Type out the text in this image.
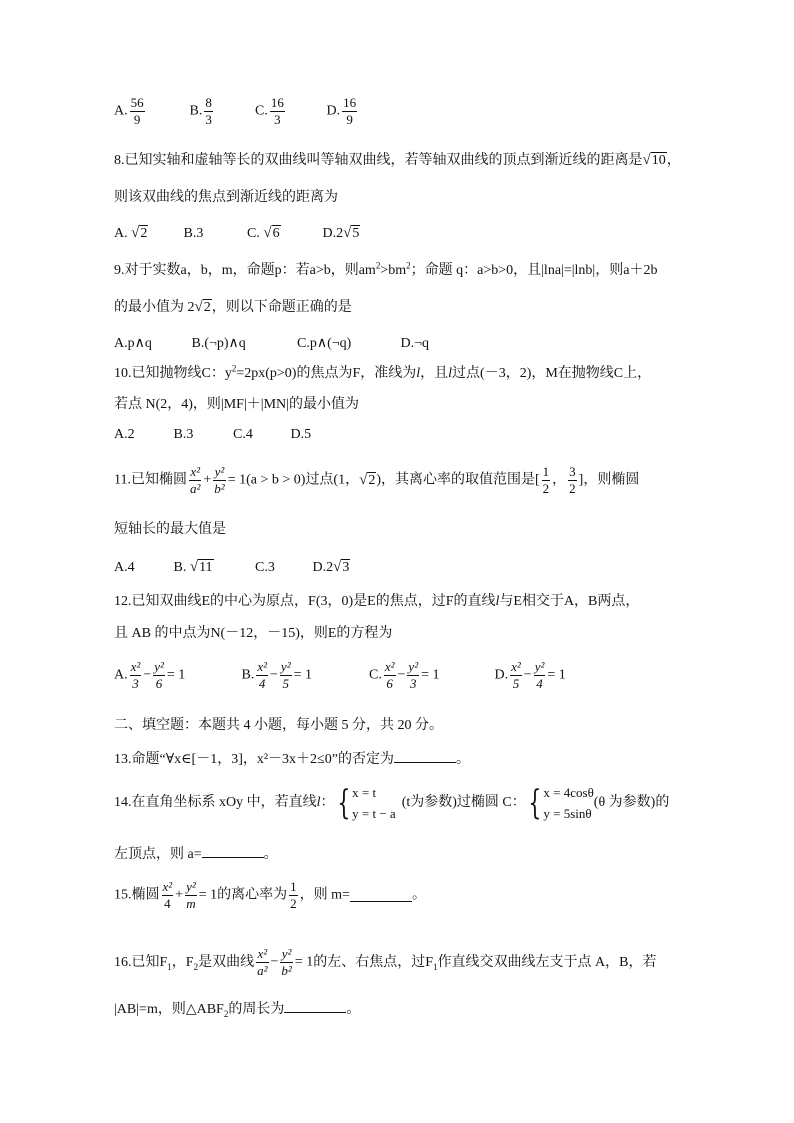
A. $\frac{56}{9}$	B. $\frac{8}{3}$	C. $\frac{16}{3}$	D. $\frac{16}{9}$
8.已知实轴和虚轴等长的双曲线叫等轴双曲线，若等轴双曲线的顶点到渐近线的距离是√10，
则该双曲线的焦点到渐近线的距离为
A. √2	B.3	C. √6	D.2√5
9.对于实数a，b，m，命题p：若a>b，则$am^2>bm^2$；命题 q：a>b>0，且|lna|=|lnb|，则a＋2b
的最小值为 2√2，则以下命题正确的是
A.p∧q	B.(¬p)∧q	C.p∧(¬q)	D.¬q
10.已知抛物线C：$y^2=2px(p>0)$的焦点为F，准线为l，且l过点(－3，2)，M在抛物线C上，
若点 N(2，4)，则|MF|＋|MN|的最小值为
A.2	B.3	C.4	D.5
11.已知椭圆 $\frac{\text{x²}}{\text{a²}} + \frac{\text{y²}}{\text{b²}} = 1(a > b > 0)$过点(1，√2)，其离心率的取值范围是[ $\frac{1}{2}$ ， $\frac{3}{2}$ ]，则椭圆
短轴长的最大值是
A.4	B. √11	C.3	D.2√3
12.已知双曲线E的中心为原点，F(3，0)是E的焦点，过F的直线l与E相交于A，B两点，
且 AB 的中点为N(－12，－15)，则E的方程为
A. $\frac{\text{x²}}{3} - \frac{\text{y²}}{6} = 1$	B. $\frac{\text{x²}}{4} - \frac{\text{y²}}{5} = 1$	C. $\frac{\text{x²}}{6} - \frac{\text{y²}}{3} = 1$	D. $\frac{\text{x²}}{5} - \frac{\text{y²}}{4} = 1$
二、填空题：本题共 4 小题，每小题 5 分，共 20 分。
13.命题“∀x∈[－1，3]，x²－3x＋2≤0”的否定为	。
14.在直角坐标系 xOy 中，若直线l：{ x = t
y = t − a
(t为参数)过椭圆 C：{ x = 4cosθ
y = 5sinθ
(θ 为参数)的
左顶点，则 a=	。
15.椭圆 $\frac{\text{x²}}{4} + \frac{\text{y²}}{m} = 1$的离心率为 $\frac{1}{2}$ ，则 m=	。
16.已知$F_1$，$F_2$是双曲线 $\frac{\text{x²}}{\text{a²}} - \frac{\text{y²}}{\text{b²}} = 1$的左、右焦点，过$F_1$作直线交双曲线左支于点 A，B，若
|AB|=m，则$\triangle ABF_2$的周长为	。
